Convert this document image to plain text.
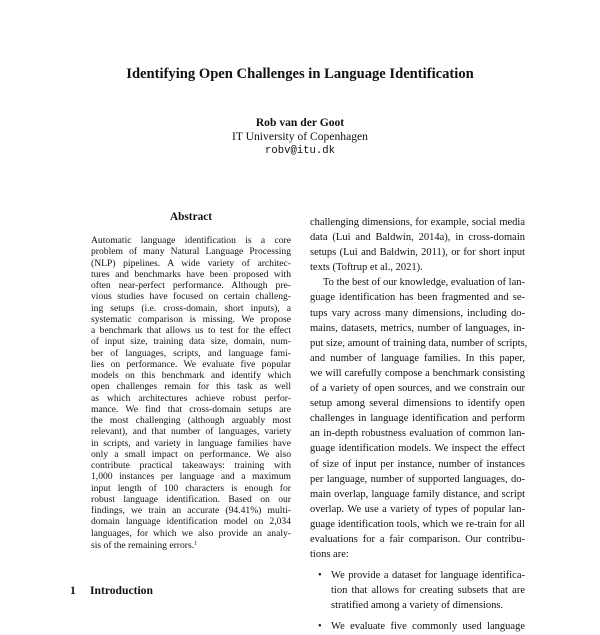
Identifying Open Challenges in Language Identification
Rob van der Goot
IT University of Copenhagen
robv@itu.dk
Abstract
Automatic language identification is a core
problem of many Natural Language Processing
(NLP) pipelines. A wide variety of architec-
tures and benchmarks have been proposed with
often near-perfect performance. Although pre-
vious studies have focused on certain challeng-
ing setups (i.e. cross-domain, short inputs), a
systematic comparison is missing. We propose
a benchmark that allows us to test for the effect
of input size, training data size, domain, num-
ber of languages, scripts, and language fami-
lies on performance. We evaluate five popular
models on this benchmark and identify which
open challenges remain for this task as well
as which architectures achieve robust perfor-
mance. We find that cross-domain setups are
the most challenging (although arguably most
relevant), and that number of languages, variety
in scripts, and variety in language families have
only a small impact on performance. We also
contribute practical takeaways: training with
1,000 instances per language and a maximum
input length of 100 characters is enough for
robust language identification. Based on our
findings, we train an accurate (94.41%) multi-
domain language identification model on 2,034
languages, for which we also provide an analy-
sis of the remaining errors.$^1$
1 Introduction
challenging dimensions, for example, social media
data (Lui and Baldwin, 2014a), in cross-domain
setups (Lui and Baldwin, 2011), or for short input
texts (Toftrup et al., 2021).
To the best of our knowledge, evaluation of lan-
guage identification has been fragmented and se-
tups vary across many dimensions, including do-
mains, datasets, metrics, number of languages, in-
put size, amount of training data, number of scripts,
and number of language families. In this paper,
we will carefully compose a benchmark consisting
of a variety of open sources, and we constrain our
setup among several dimensions to identify open
challenges in language identification and perform
an in-depth robustness evaluation of common lan-
guage identification models. We inspect the effect
of size of input per instance, number of instances
per language, number of supported languages, do-
main overlap, language family distance, and script
overlap. We use a variety of types of popular lan-
guage identification tools, which we re-train for all
evaluations for a fair comparison. Our contribu-
tions are:
• We provide a dataset for language identifica-
tion that allows for creating subsets that are
stratified among a variety of dimensions.
• We evaluate five commonly used language
